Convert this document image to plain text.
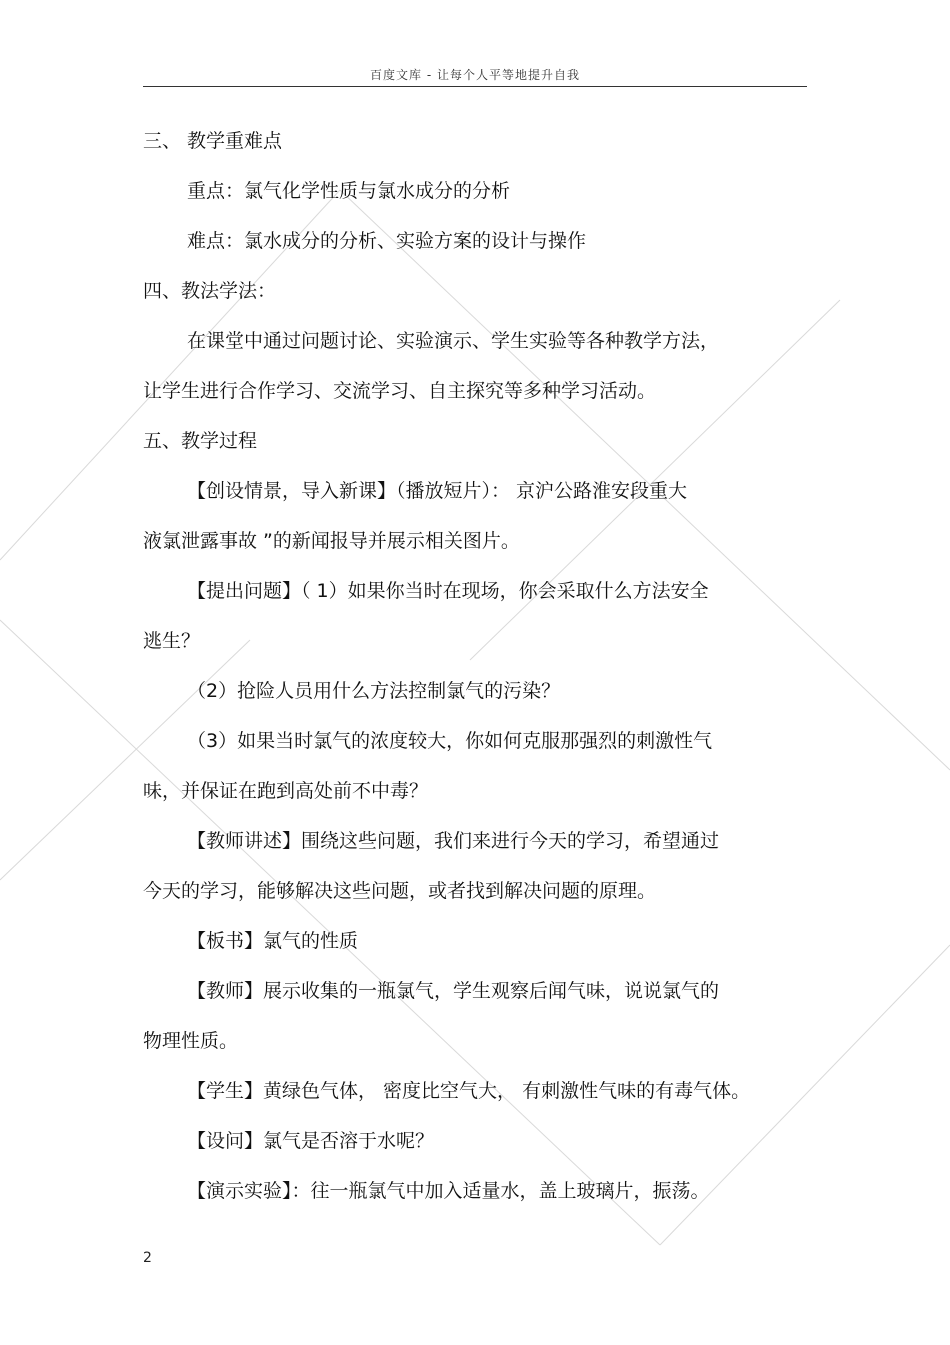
百度文库 - 让每个人平等地提升自我
三、 教学重难点
重点：氯气化学性质与氯水成分的分析
难点：氯水成分的分析、实验方案的设计与操作
四、教法学法：
在课堂中通过问题讨论、实验演示、学生实验等各种教学方法，
让学生进行合作学习、交流学习、自主探究等多种学习活动。
五、教学过程
【创设情景，导入新课】（播放短片）： 京沪公路淮安段重大
液氯泄露事故 ”的新闻报导并展示相关图片。
【提出问题】（ 1）如果你当时在现场，你会采取什么方法安全
逃生？
（2）抢险人员用什么方法控制氯气的污染？
（3）如果当时氯气的浓度较大，你如何克服那强烈的刺激性气
味，并保证在跑到高处前不中毒？
【教师讲述】围绕这些问题，我们来进行今天的学习，希望通过
今天的学习，能够解决这些问题，或者找到解决问题的原理。
【板书】氯气的性质
【教师】展示收集的一瓶氯气，学生观察后闻气味，说说氯气的
物理性质。
【学生】黄绿色气体， 密度比空气大， 有刺激性气味的有毒气体。
【设问】氯气是否溶于水呢？
【演示实验】：往一瓶氯气中加入适量水，盖上玻璃片，振荡。
2
